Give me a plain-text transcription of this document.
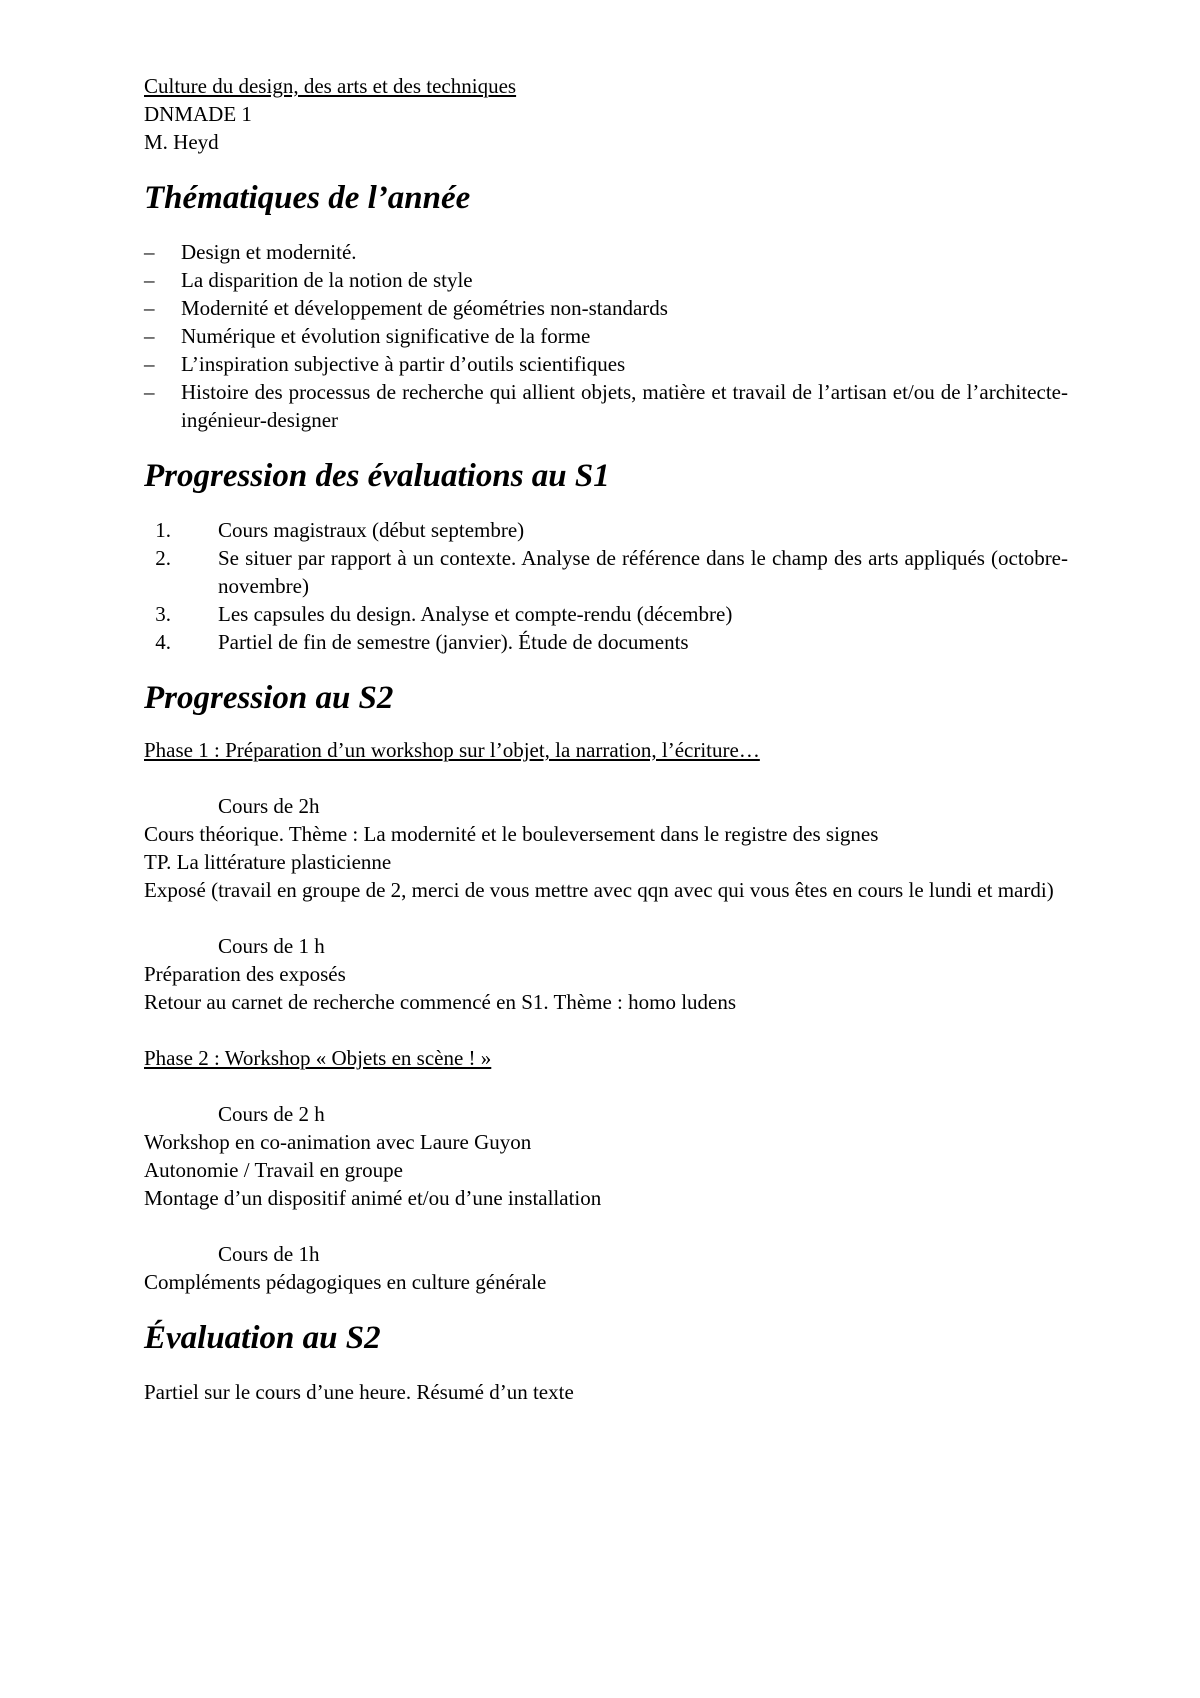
Culture du design, des arts et des techniques
DNMADE 1
M. Heyd
Thématiques de l’année
– Design et modernité.
– La disparition de la notion de style
– Modernité et développement de géométries non-standards
– Numérique et évolution significative de la forme
– L’inspiration subjective à partir d’outils scientifiques
– Histoire des processus de recherche qui allient objets, matière et travail de l’artisan et/ou de l’architecte-ingénieur-designer
Progression des évaluations au S1
1. Cours magistraux (début septembre)
2. Se situer par rapport à un contexte. Analyse de référence dans le champ des arts appliqués (octobre-novembre)
3. Les capsules du design. Analyse et compte-rendu (décembre)
4. Partiel de fin de semestre (janvier). Étude de documents
Progression au S2

Phase 1 : Préparation d’un workshop sur l’objet, la narration, l’écriture…

Cours de 2h

Cours théorique. Thème : La modernité et le bouleversement dans le registre des signes

TP. La littérature plasticienne

Exposé (travail en groupe de 2, merci de vous mettre avec qqn avec qui vous êtes en cours le lundi et mardi)

Cours de 1 h

Préparation des exposés

Retour au carnet de recherche commencé en S1. Thème : homo ludens

Phase 2 : Workshop « Objets en scène ! »

Cours de 2 h

Workshop en co-animation avec Laure Guyon

Autonomie / Travail en groupe

Montage d’un dispositif animé et/ou d’une installation

Cours de 1h

Compléments pédagogiques en culture générale

Évaluation au S2

Partiel sur le cours d’une heure. Résumé d’un texte
